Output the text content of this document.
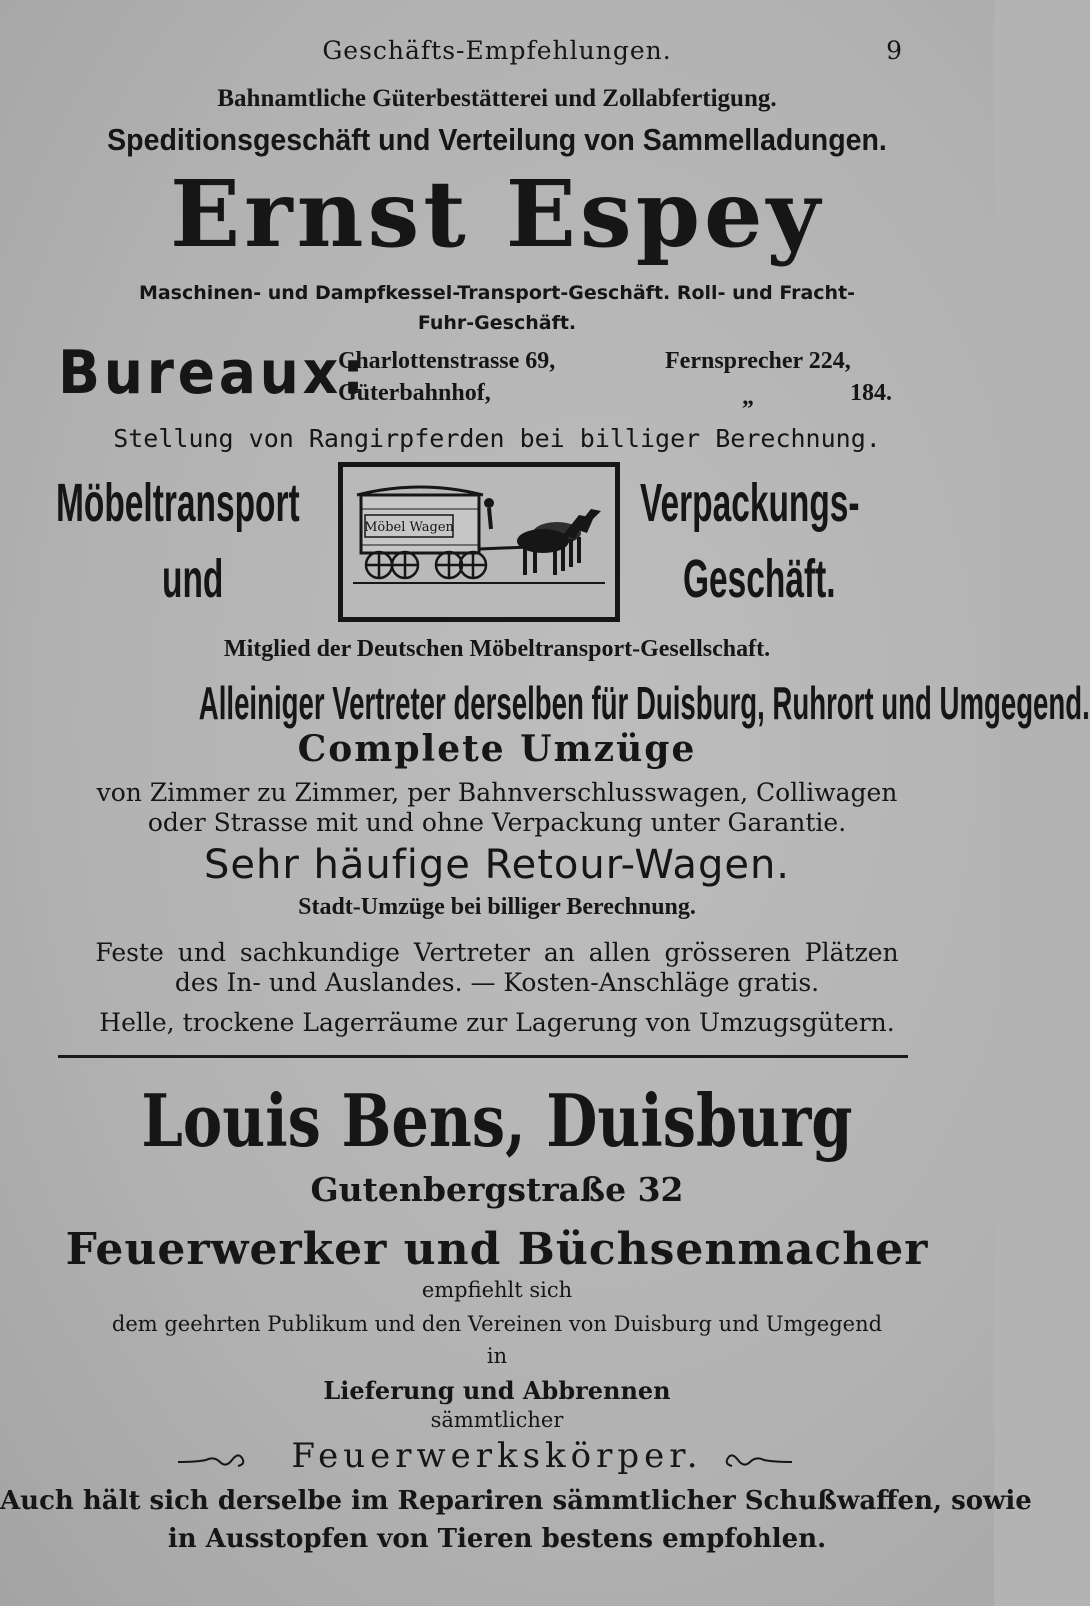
Geschäfts-Empfehlungen.	9
Bahnamtliche Güterbestätterei und Zollabfertigung.
Speditionsgeschäft und Verteilung von Sammelladungen.
Ernst Espey
Maschinen- und Dampfkessel-Transport-Geschäft. Roll- und Fracht-
Fuhr-Geschäft.
Bureaux:
Charlottenstrasse 69,	Fernsprecher 224,
Güterbahnhof,	„	184.
Stellung von Rangirpferden bei billiger Berechnung.
Möbeltransport
und
Verpackungs-
Geschäft.
Möbel Wagen
Mitglied der Deutschen Möbeltransport-Gesellschaft.
Alleiniger Vertreter derselben für Duisburg, Ruhrort und Umgegend.
Complete Umzüge
von Zimmer zu Zimmer, per Bahnverschlusswagen, Colliwagen
oder Strasse mit und ohne Verpackung unter Garantie.
Sehr häufige Retour-Wagen.
Stadt-Umzüge bei billiger Berechnung.
Feste und sachkundige Vertreter an allen grösseren Plätzen
des In- und Auslandes. — Kosten-Anschläge gratis.
Helle, trockene Lagerräume zur Lagerung von Umzugsgütern.
Louis Bens, Duisburg
Gutenbergstraße 32
Feuerwerker und Büchsenmacher
empfiehlt sich
dem geehrten Publikum und den Vereinen von Duisburg und Umgegend
in
Lieferung und Abbrennen
sämmtlicher
Feuerwerkskörper.
Auch hält sich derselbe im Repariren sämmtlicher Schußwaffen, sowie
in Ausstopfen von Tieren bestens empfohlen.
